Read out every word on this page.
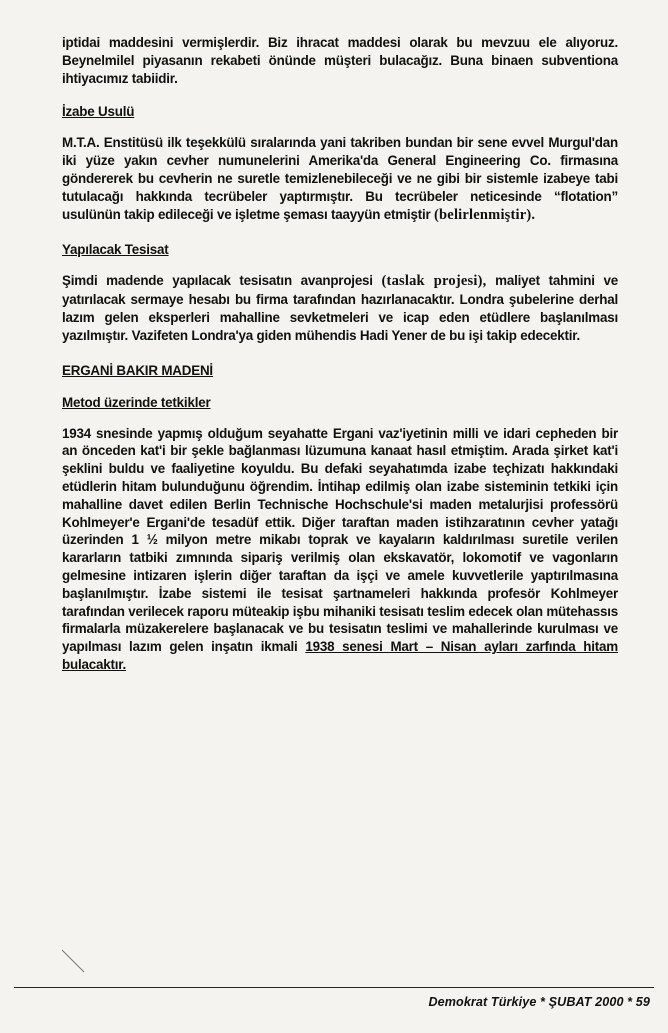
iptidai maddesini vermişlerdir. Biz ihracat maddesi olarak bu mevzuu ele alıyoruz. Beynelmilel piyasanın rekabeti önünde müşteri bulacağız. Buna binaen subventiona ihtiyacımız tabiidir.

İzabe Usulü

M.T.A. Enstitüsü ilk teşekkülü sıralarında yani takriben bundan bir sene evvel Murgul'dan iki yüze yakın cevher numunelerini Amerika'da General Engineering Co. firmasına göndererek bu cevherin ne suretle temizlenebileceği ve ne gibi bir sistemle izabeye tabi tutulacağı hakkında tecrübeler yaptırmıştır. Bu tecrübeler neticesinde “flotation” usulünün takip edileceği ve işletme şeması taayyün etmiştir (belirlenmiştir).

Yapılacak Tesisat

Şimdi madende yapılacak tesisatın avanprojesi (taslak projesi), maliyet tahmini ve yatırılacak sermaye hesabı bu firma tarafından hazırlanacaktır. Londra şubelerine derhal lazım gelen eksperleri mahalline sevketmeleri ve icap eden etüdlere başlanılması yazılmıştır. Vazifeten Londra'ya giden mühendis Hadi Yener de bu işi takip edecektir.

ERGANİ BAKIR MADENİ
Metod üzerinde tetkikler

1934 snesinde yapmış olduğum seyahatte Ergani vaz'iyetinin milli ve idari cepheden bir an önceden kat'i bir şekle bağlanması lüzumuna kanaat hasıl etmiştim. Arada şirket kat'i şeklini buldu ve faaliyetine koyuldu. Bu defaki seyahatımda izabe teçhizatı hakkındaki etüdlerin hitam bulunduğunu öğrendim. İntihap edilmiş olan izabe sisteminin tetkiki için mahalline davet edilen Berlin Technische Hochschule'si maden metalurjisi professörü Kohlmeyer'e Ergani'de tesadüf ettik. Diğer taraftan maden istihzaratının cevher yatağı üzerinden 1 ½ milyon metre mikabı toprak ve kayaların kaldırılması suretile verilen kararların tatbiki zımnında sipariş verilmiş olan ekskavatör, lokomotif ve vagonların gelmesine intizaren işlerin diğer taraftan da işçi ve amele kuvvetlerile yaptırılmasına başlanılmıştır. İzabe sistemi ile tesisat şartnameleri hakkında profesör Kohlmeyer tarafından verilecek raporu müteakip işbu mihaniki tesisatı teslim edecek olan mütehassıs firmalarla müzakerelere başlanacak ve bu tesisatın teslimi ve mahallerinde kurulması ve yapılması lazım gelen inşatın ikmali 1938 senesi Mart – Nisan ayları zarfında hitam bulacaktır.

Demokrat Türkiye * ŞUBAT 2000 * 59
